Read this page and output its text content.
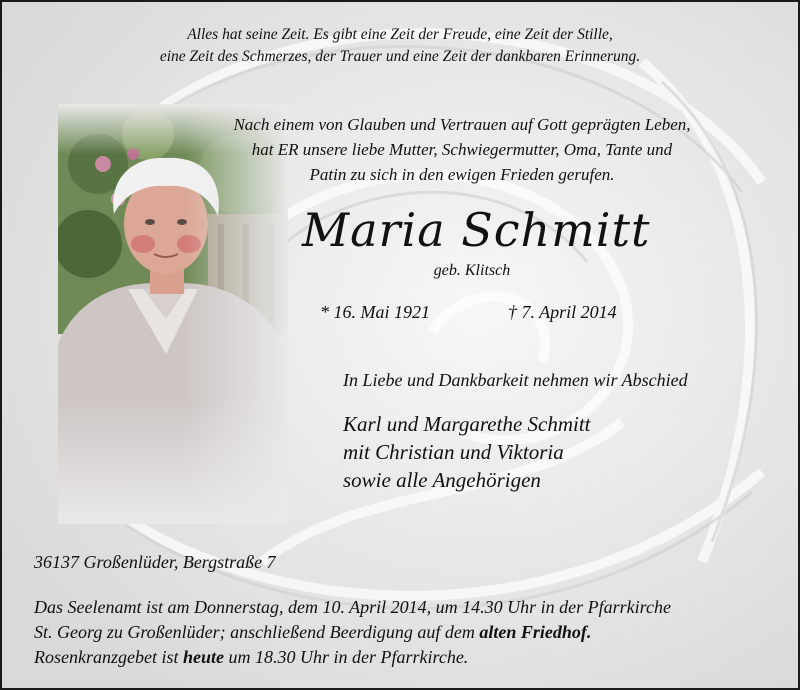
Alles hat seine Zeit. Es gibt eine Zeit der Freude, eine Zeit der Stille,
eine Zeit des Schmerzes, der Trauer und eine Zeit der dankbaren Erinnerung.
Nach einem von Glauben und Vertrauen auf Gott geprägten Leben,
hat ER unsere liebe Mutter, Schwiegermutter, Oma, Tante und
Patin zu sich in den ewigen Frieden gerufen.
Maria Schmitt
geb. Klitsch
* 16. Mai 1921	† 7. April 2014
In Liebe und Dankbarkeit nehmen wir Abschied
Karl und Margarethe Schmitt
mit Christian und Viktoria
sowie alle Angehörigen
36137 Großenlüder, Bergstraße 7
Das Seelenamt ist am Donnerstag, dem 10. April 2014, um 14.30 Uhr in der Pfarrkirche
St. Georg zu Großenlüder; anschließend Beerdigung auf dem alten Friedhof.
Rosenkranzgebet ist heute um 18.30 Uhr in der Pfarrkirche.
